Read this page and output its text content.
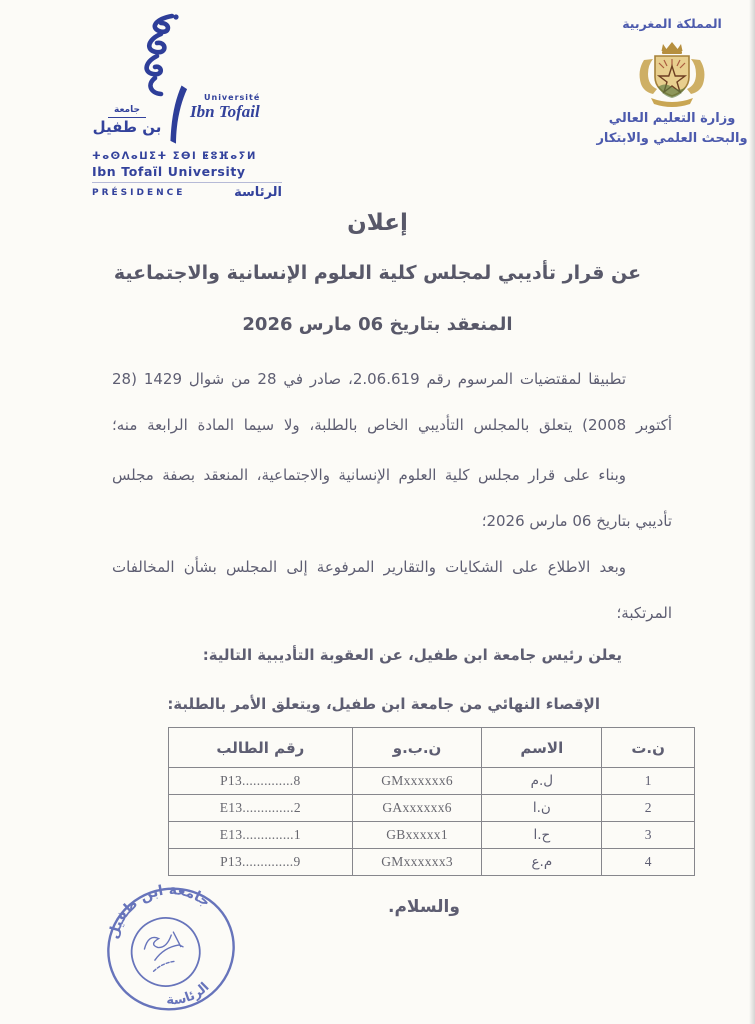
جامعة
بن طفيل
Université
Ibn Tofail
ⵜⴰⵙⴷⴰⵡⵉⵜ ⵉⴱⵏ ⵟⵓⴼⴰⵢⵍ
Ibn Tofaïl University
PRÉSIDENCE	الرئاسة
المملكة المغربية
وزارة التعليم العالي
والبحث العلمي والابتكار
إعلان
عن قرار تأديبي لمجلس كلية العلوم الإنسانية والاجتماعية
المنعقد بتاريخ 06 مارس 2026
تطبيقا لمقتضيات المرسوم رقم 2.06.619، صادر في 28 من شوال 1429 (28
أكتوبر 2008) يتعلق بالمجلس التأديبي الخاص بالطلبة، ولا سيما المادة الرابعة منه؛
وبناء على قرار مجلس كلية العلوم الإنسانية والاجتماعية، المنعقد بصفة مجلس
تأديبي بتاريخ 06 مارس 2026؛
وبعد الاطلاع على الشكايات والتقارير المرفوعة إلى المجلس بشأن المخالفات
المرتكبة؛
يعلن رئيس جامعة ابن طفيل، عن العقوبة التأديبية التالية:
الإقصاء النهائي من جامعة ابن طفيل، ويتعلق الأمر بالطلبة:
ن.ت	الاسم	ن.ب.و	رقم الطالب
1	ل.م	GMxxxxxx6	P13..............8
2	ن.ا	GAxxxxxx6	E13..............2
3	ح.ا	GBxxxxx1	E13..............1
4	م.ع	GMxxxxxx3	P13..............9
والسلام.
جامعة ابن طفيل
الرئاسة
